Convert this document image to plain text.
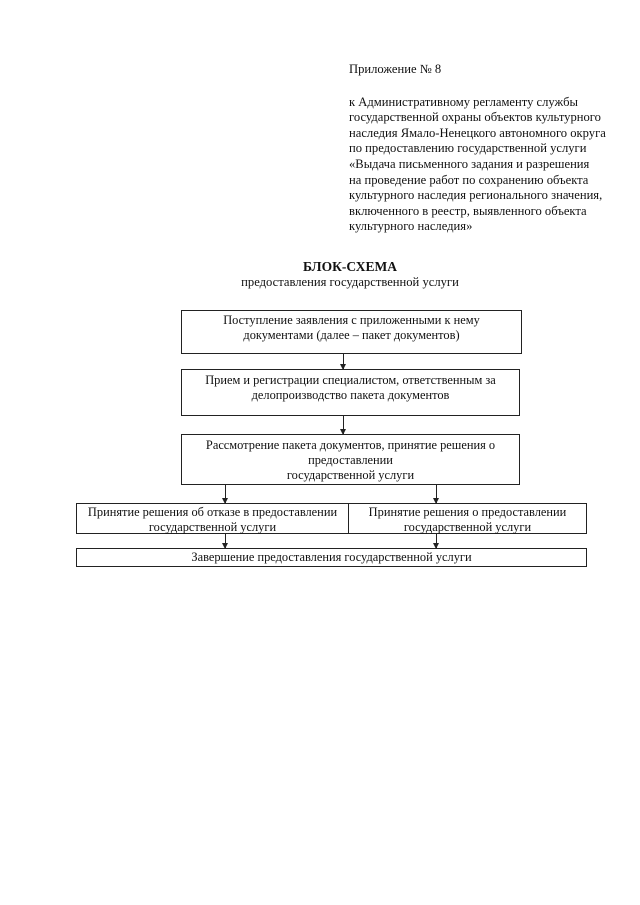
Приложение № 8
к Административному регламенту службы
государственной охраны объектов культурного
наследия Ямало-Ненецкого автономного округа
по предоставлению государственной услуги
«Выдача письменного задания и разрешения
на проведение работ по сохранению объекта
культурного наследия регионального значения,
включенного в реестр, выявленного объекта
культурного наследия»
БЛОК-СХЕМА
предоставления государственной услуги
Поступление заявления с приложенными к нему
документами (далее – пакет документов)
Прием и регистрации специалистом, ответственным за
делопроизводство пакета документов
Рассмотрение пакета документов, принятие решения о
предоставлении
государственной услуги
Принятие решения об отказе в предоставлении
государственной услуги
Принятие решения о предоставлении
государственной услуги
Завершение предоставления государственной услуги
